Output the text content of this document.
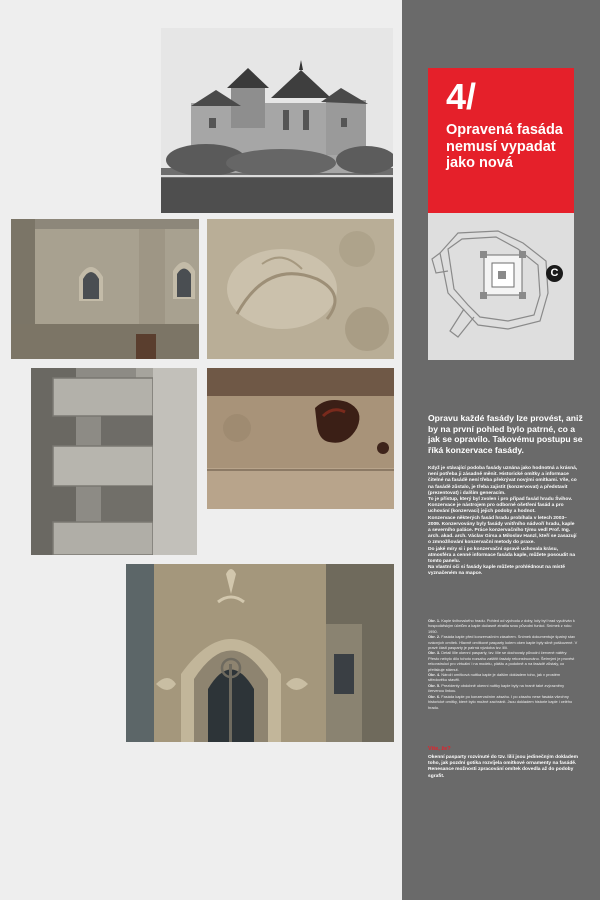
4/
Opravená fasáda nemusí vypadat jako nová
C

Opravu každé fasády lze provést, aniž by na první pohled bylo patrné, co a jak se opravilo. Takovému postupu se říká konzervace fasády.

Když je stávající podoba fasády uznána jako hodnotná a krásná, není potřeba ji zásadně měnit. Historické omítky a informace čitelné na fasádě není třeba překrývat novými omítkami. Vše, co na fasádě zůstalo, je třeba zajistit (konzervovat) a představit (prezentovat) i dalším generacím.

To je přístup, který byl zvolen i pro případ fasád hradu Švihov. Konzervace je nástrojem pro odborné ošetření fasád a pro uchování (konzervaci) jejich podoby a hodnot.

Konzervace některých fasád hradu probíhala v letech 2003–2009. Konzervovány byly fasády vnitřního nádvoří hradu, kaple a severního paláce. Práce konzervačního týmu vedl Prof. Ing. arch. akad. arch. Václav Girsa a Miloslav Hanzl, kteří se zasazují o zmnožňování konzervační metody do praxe.

Do jaké míry si i po konzervační opravě uchovala krásu, atmosféra a cenné informace fasáda kaple, můžete posoudit na tomto panelu.

Na vlastní oči si fasády kaple můžete prohlédnout na místě vyznačeném na mapce.

Obr. 1. Kaple švihovského hradu. Pohled od východu z doby, kdy byl hrad využíván k hospodářským účelům a kaple dočasně ztratila svou původní funkci. Snímek z roku 1950.

Obr. 2. Fasáda kaple před konzervačním zásahem. Snímek dokumentuje špatný stav vzácných omítek. Hlavně omítkové pasparty kolem oken kaple byly silně poškozené. V pravé části pasparty je patrná výzdoba tzv. lilií.

Obr. 3. Detail lilie okenní pasparty, tzv. lilie se dochovaly původní červené nátěry. Přesto nebylo dílo tohoto rozsahu zaštítit fasády rekonstruováno. Šetrnými je provést rekonstrukci pro virtuální i na modelu, pláštu a podobně a na fasádě zůstaly, co přetiskuje stárnut.

Obr. 4. Nároží omítková nuttka kaple je dalším dokladem toho, jak v prostém středověku stavěli.

Obr. 5. Prezidenty obdobně okenní nuttky kaple byly na hraně také zvýrazněny červenou linkou.

Obr. 6. Fasáda kaple po konzervačním zásahu. I po zásahu nese fasáda všechny historické omítky, které bylo možné zachránit. Jsou dokladem historie kaple i celého hradu.

Víte, že?

Okenní pasparty rozvinuté do tzv. lilií jsou jedinečným dokladem toho, jak pozdní gotika rozvíjela omítkové ornamenty na fasádě. Renesance možnosti zpracování omítek dovedla až do podoby sgrafit.
